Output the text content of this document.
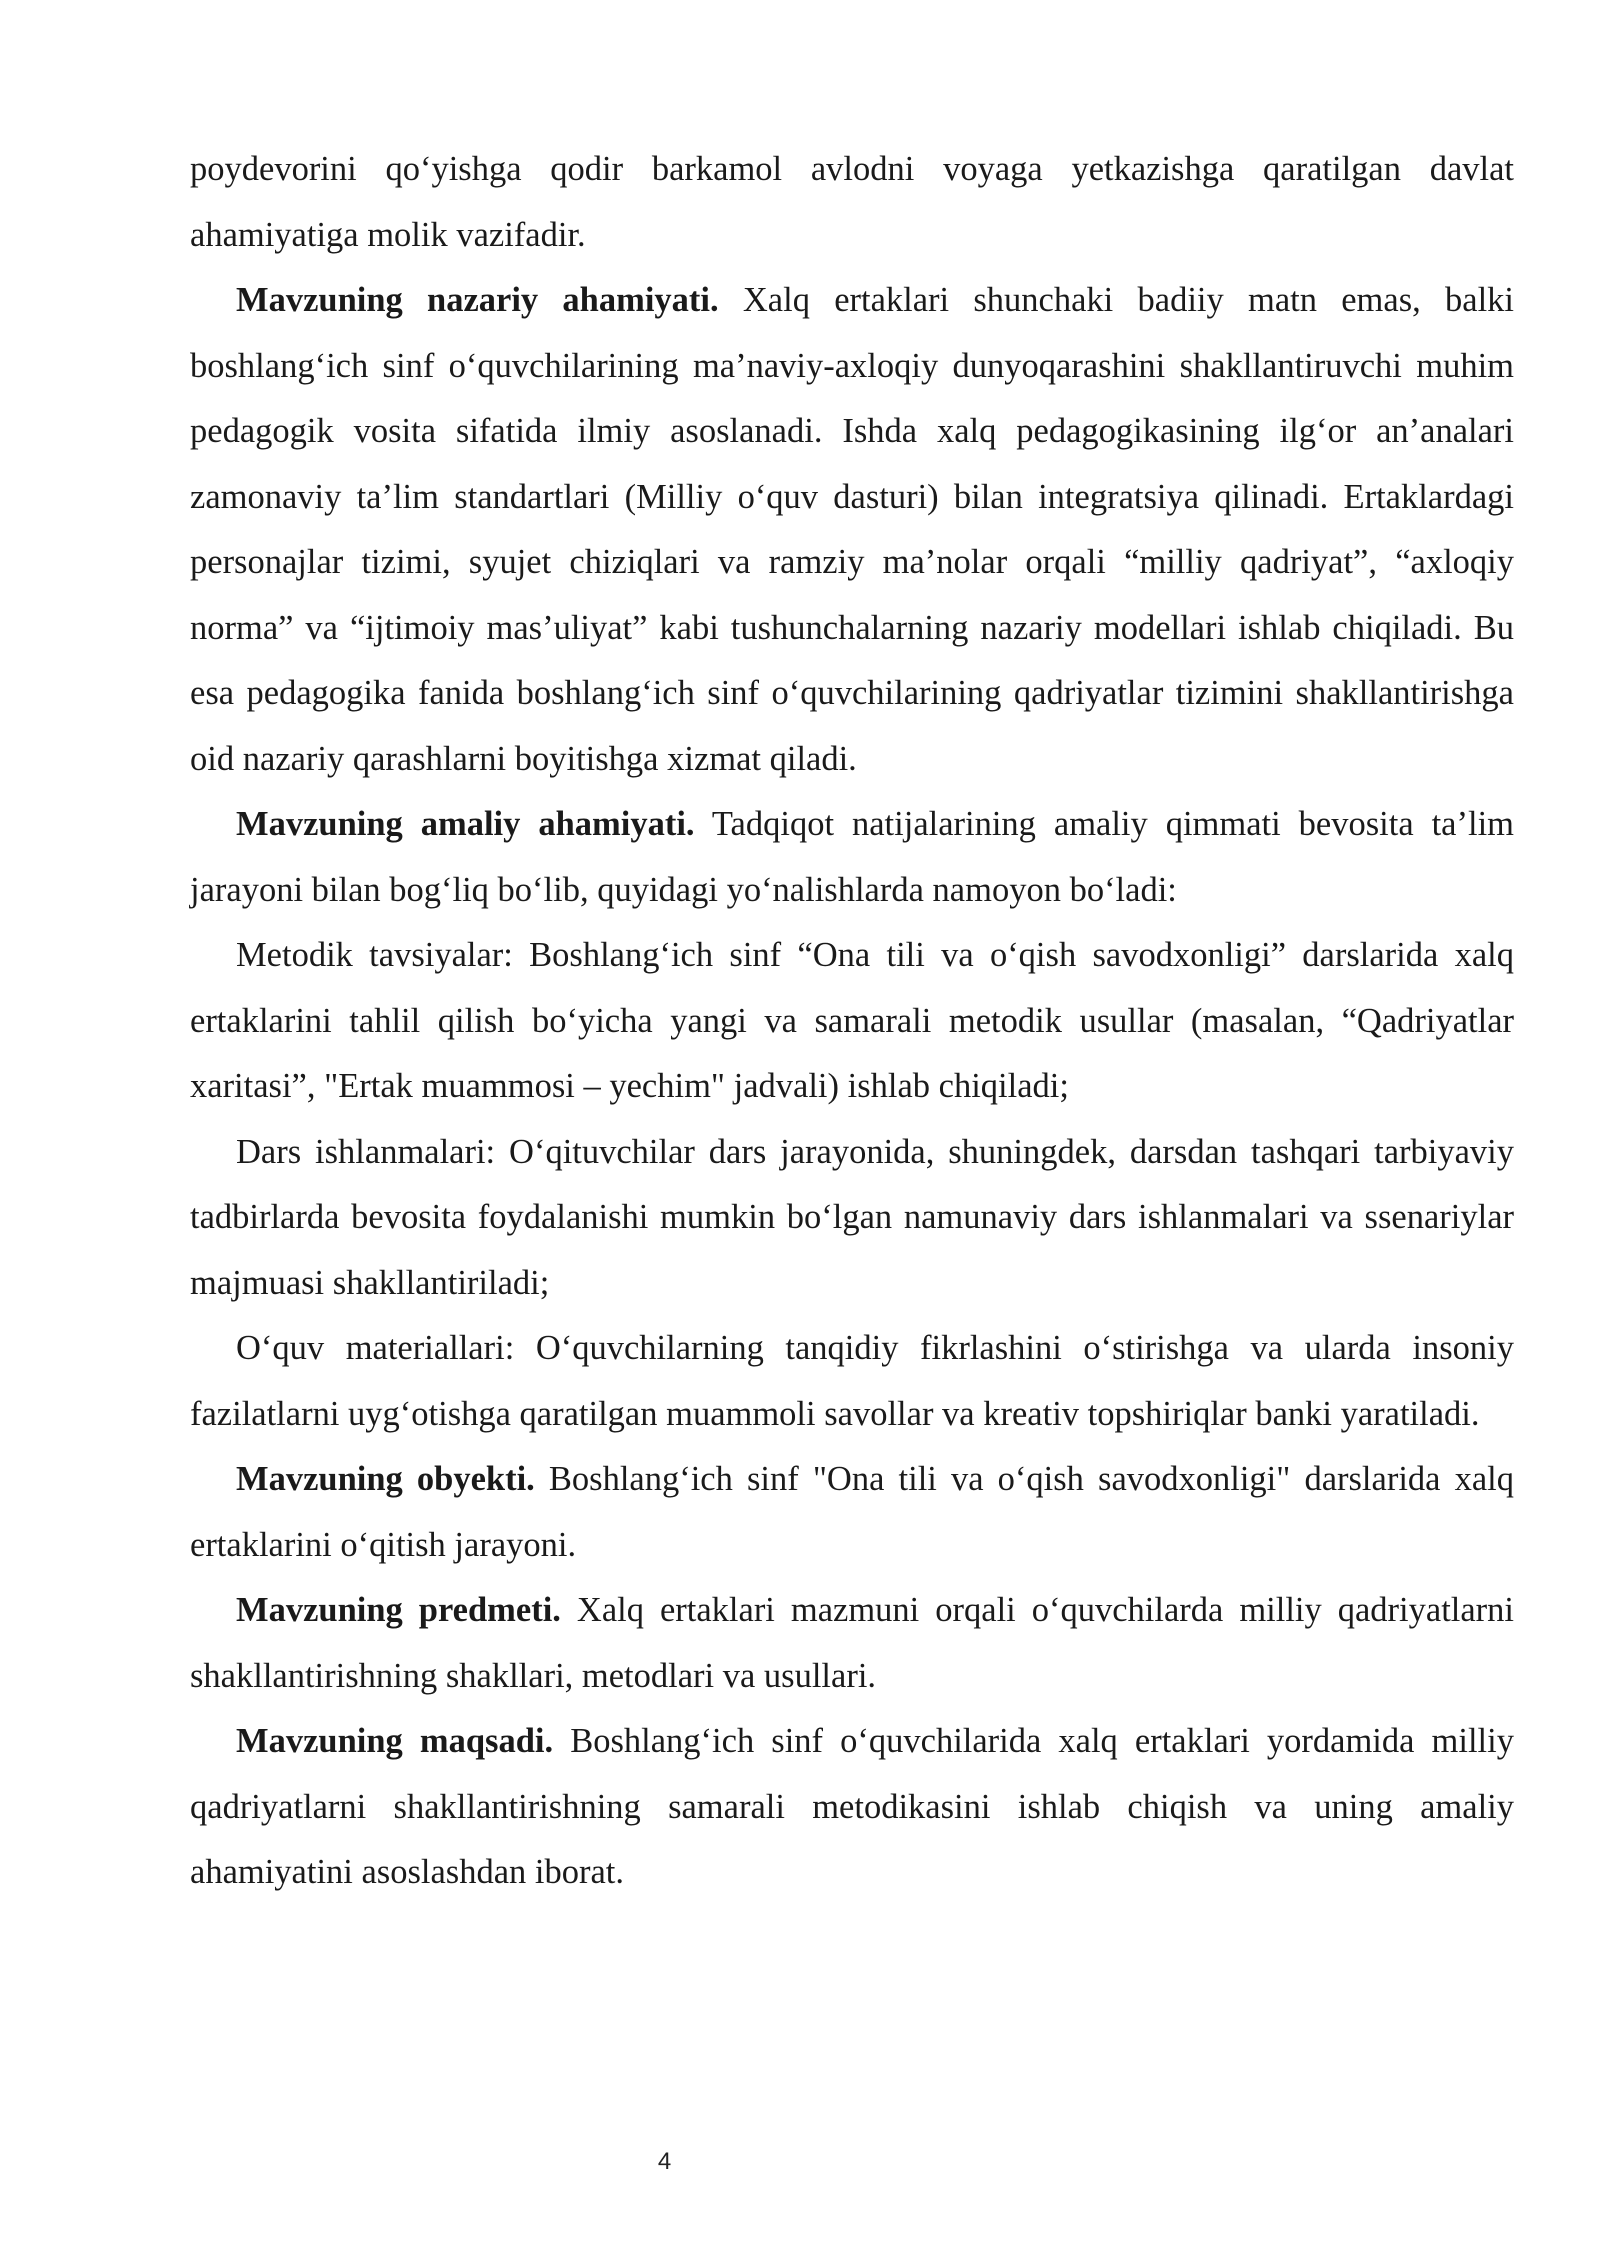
poydevorini qo‘yishga qodir barkamol avlodni voyaga yetkazishga qaratilgan davlat ahamiyatiga molik vazifadir.

Mavzuning nazariy ahamiyati. Xalq ertaklari shunchaki badiiy matn emas, balki boshlang‘ich sinf o‘quvchilarining ma’naviy-axloqiy dunyoqarashini shakllantiruvchi muhim pedagogik vosita sifatida ilmiy asoslanadi. Ishda xalq pedagogikasining ilg‘or an’analari zamonaviy ta’lim standartlari (Milliy o‘quv dasturi) bilan integratsiya qilinadi. Ertaklardagi personajlar tizimi, syujet chiziqlari va ramziy ma’nolar orqali “milliy qadriyat”, “axloqiy norma” va “ijtimoiy mas’uliyat” kabi tushunchalarning nazariy modellari ishlab chiqiladi. Bu esa pedagogika fanida boshlang‘ich sinf o‘quvchilarining qadriyatlar tizimini shakllantirishga oid nazariy qarashlarni boyitishga xizmat qiladi.

Mavzuning amaliy ahamiyati. Tadqiqot natijalarining amaliy qimmati bevosita ta’lim jarayoni bilan bog‘liq bo‘lib, quyidagi yo‘nalishlarda namoyon bo‘ladi:

Metodik tavsiyalar: Boshlang‘ich sinf “Ona tili va o‘qish savodxonligi” darslarida xalq ertaklarini tahlil qilish bo‘yicha yangi va samarali metodik usullar (masalan, “Qadriyatlar xaritasi”, "Ertak muammosi – yechim" jadvali) ishlab chiqiladi;

Dars ishlanmalari: O‘qituvchilar dars jarayonida, shuningdek, darsdan tashqari tarbiyaviy tadbirlarda bevosita foydalanishi mumkin bo‘lgan namunaviy dars ishlanmalari va ssenariylar majmuasi shakllantiriladi;

O‘quv materiallari: O‘quvchilarning tanqidiy fikrlashini o‘stirishga va ularda insoniy fazilatlarni uyg‘otishga qaratilgan muammoli savollar va kreativ topshiriqlar banki yaratiladi.

Mavzuning obyekti. Boshlang‘ich sinf "Ona tili va o‘qish savodxonligi" darslarida xalq ertaklarini o‘qitish jarayoni.

Mavzuning predmeti. Xalq ertaklari mazmuni orqali o‘quvchilarda milliy qadriyatlarni shakllantirishning shakllari, metodlari va usullari.

Mavzuning maqsadi. Boshlang‘ich sinf o‘quvchilarida xalq ertaklari yordamida milliy qadriyatlarni shakllantirishning samarali metodikasini ishlab chiqish va uning amaliy ahamiyatini asoslashdan iborat.

4
